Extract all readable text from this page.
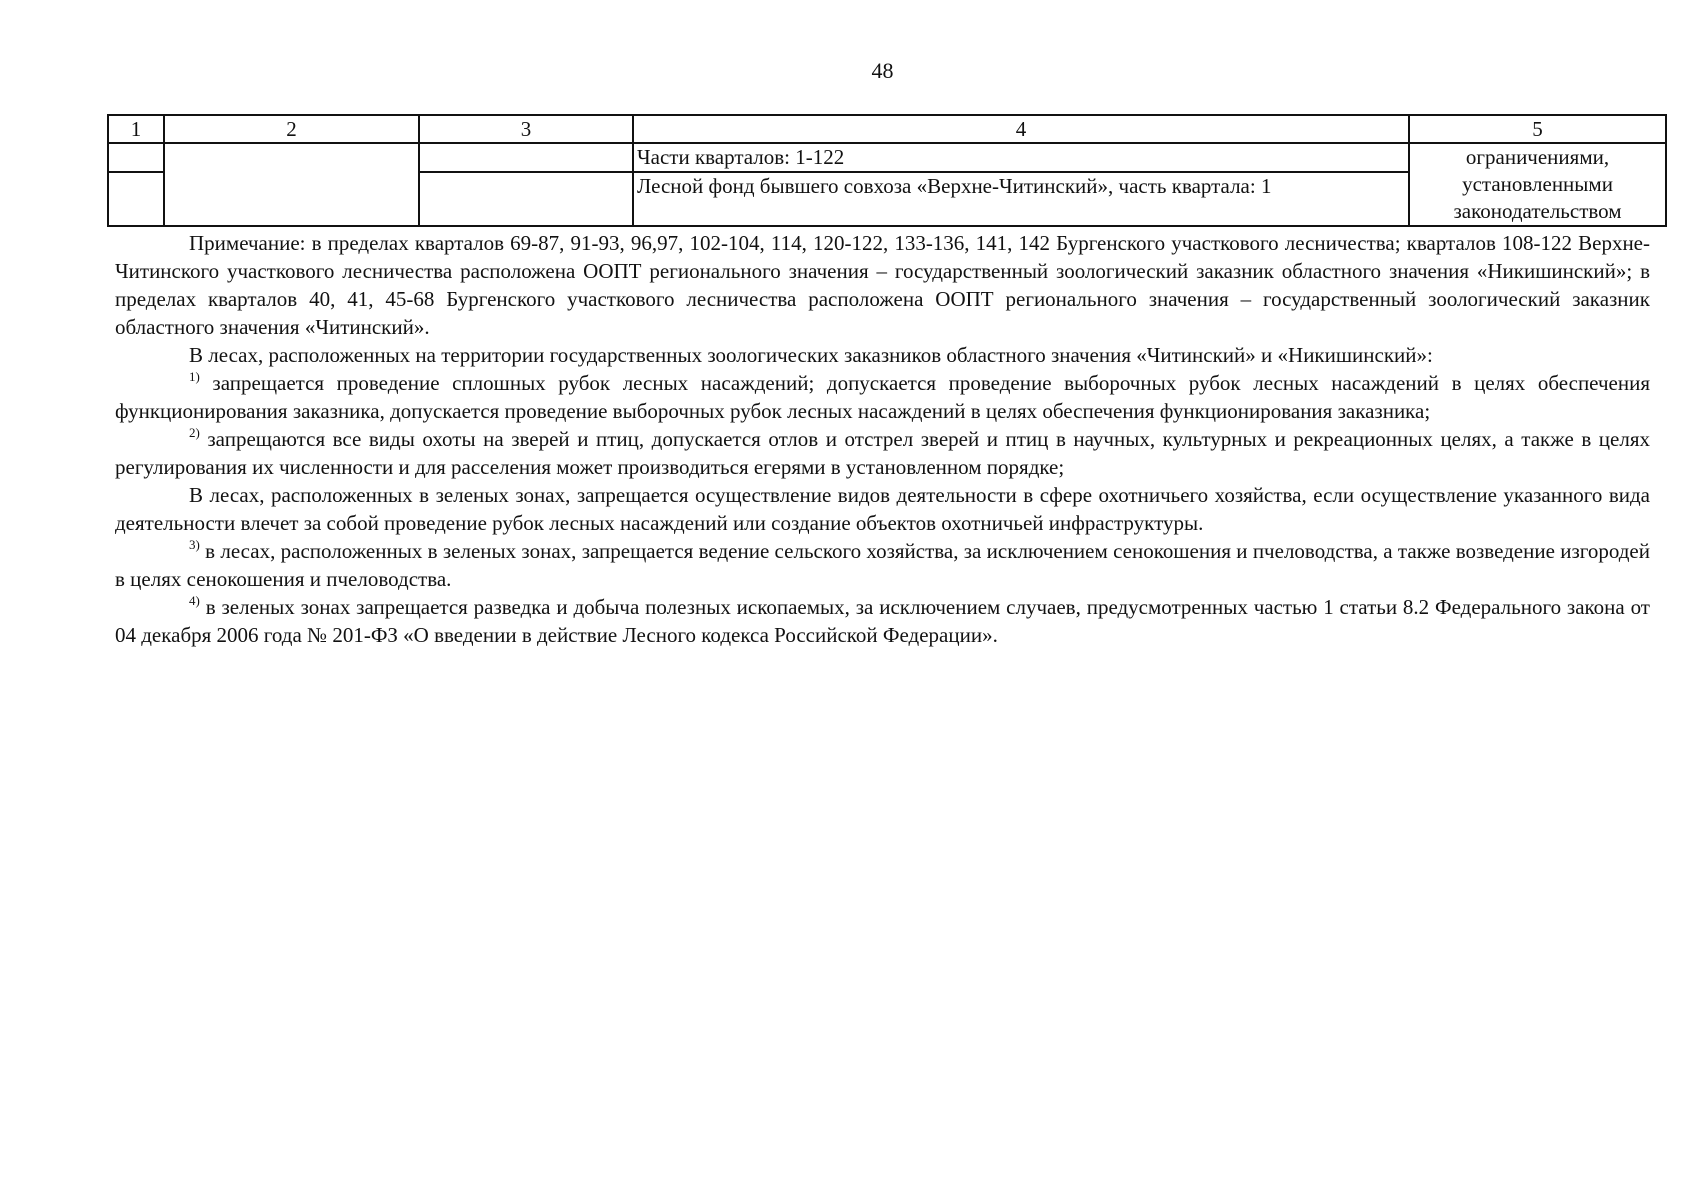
48
1	2	3	4	5
			Части кварталов: 1-122	ограничениями,
установленными
законодательством

			Лесной фонд бывшего совхоза «Верхне-Читинский», часть квартала: 1	

Примечание: в пределах кварталов 69-87, 91-93, 96,97, 102-104, 114, 120-122, 133-136, 141, 142 Бургенского участкового лесничества; кварталов 108-122 Верхне-Читинского участкового лесничества расположена ООПТ регионального значения – государственный зоологический заказник областного значения «Никишинский»; в пределах кварталов 40, 41, 45-68 Бургенского участкового лесничества расположена ООПТ регионального значения – государственный зоологический заказник областного значения «Читинский».

В лесах, расположенных на территории государственных зоологических заказников областного значения «Читинский» и «Никишинский»:

$^{1)}$ запрещается проведение сплошных рубок лесных насаждений; допускается проведение выборочных рубок лесных насаждений в целях обеспечения функционирования заказника, допускается проведение выборочных рубок лесных насаждений в целях обеспечения функционирования заказника;

$^{2)}$ запрещаются все виды охоты на зверей и птиц, допускается отлов и отстрел зверей и птиц в научных, культурных и рекреационных целях, а также в целях регулирования их численности и для расселения может производиться егерями в установленном порядке;

В лесах, расположенных в зеленых зонах, запрещается осуществление видов деятельности в сфере охотничьего хозяйства, если осуществление указанного вида деятельности влечет за собой проведение рубок лесных насаждений или создание объектов охотничьей инфраструктуры.

$^{3)}$ в лесах, расположенных в зеленых зонах, запрещается ведение сельского хозяйства, за исключением сенокошения и пчеловодства, а также возведение изгородей в целях сенокошения и пчеловодства.

$^{4)}$ в зеленых зонах запрещается разведка и добыча полезных ископаемых, за исключением случаев, предусмотренных частью 1 статьи 8.2 Федерального закона от 04 декабря 2006 года № 201-ФЗ «О введении в действие Лесного кодекса Российской Федерации».
